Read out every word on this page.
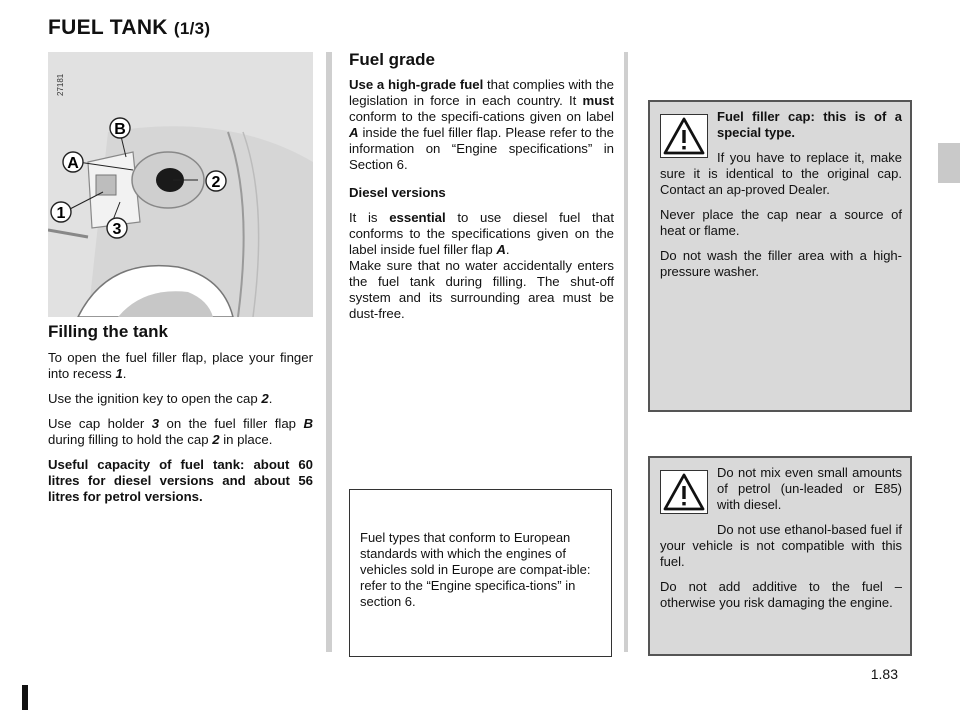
FUEL TANK (1/3)
B
A
2
1
3
27181
Filling the tank

To open the fuel filler flap, place your finger into recess 1.

Use the ignition key to open the cap 2.

Use cap holder 3 on the fuel filler flap B during filling to hold the cap 2 in place.

Useful capacity of fuel tank: about 60 litres for diesel versions and about 56 litres for petrol versions.

Fuel grade

Use a high-grade fuel that complies with the legislation in force in each country. It must conform to the specifi-cations given on label A inside the fuel filler flap. Please refer to the information on “Engine specifications” in Section 6.

Diesel versions

It is essential to use diesel fuel that conforms to the specifications given on the label inside fuel filler flap A.

Make sure that no water accidentally enters the fuel tank during filling. The shut-off system and its surrounding area must be dust-free.

Fuel types that conform to European standards with which the engines of vehicles sold in Europe are compat-ible: refer to the “Engine specifica-tions” in section 6.

Fuel filler cap: this is of a special type.

If you have to replace it, make sure it is identical to the original cap. Contact an ap-proved Dealer.

Never place the cap near a source of heat or flame.

Do not wash the filler area with a high-pressure washer.

Do not mix even small amounts of petrol (un-leaded or E85) with diesel.

Do not use ethanol-based fuel if your vehicle is not compatible with this fuel.

Do not add additive to the fuel – otherwise you risk damaging the engine.

1.83
